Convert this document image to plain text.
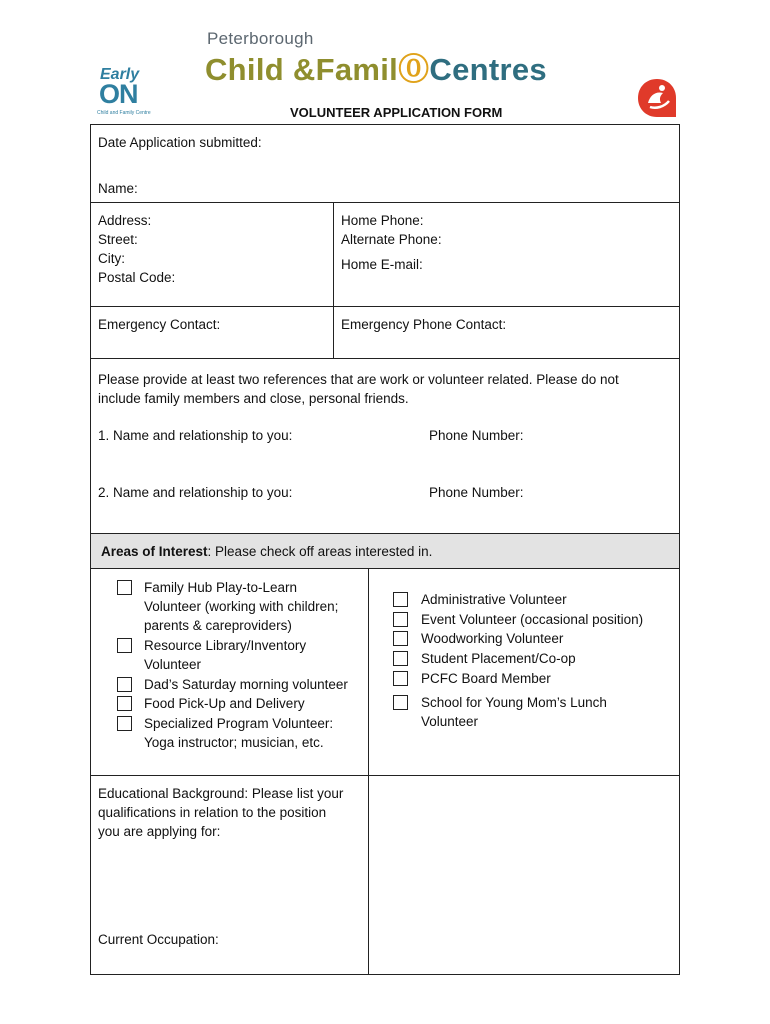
Early
ON
Child and Family Centre
Peterborough
Child &Famil🄋Centres
VOLUNTEER APPLICATION FORM
Date Application submitted:
Name:
Address:
Street:
City:
Postal Code:
Home Phone:
Alternate Phone:
Home E-mail:
Emergency Contact:	Emergency Phone Contact:
Please provide at least two references that are work or volunteer related. Please do not
include family members and close, personal friends.
1. Name and relationship to you:	Phone Number:
2. Name and relationship to you:	Phone Number:
Areas of Interest: Please check off areas interested in.
Family Hub Play-to-Learn
Volunteer (working with children;
parents & careproviders)
Resource Library/Inventory
Volunteer
Dad’s Saturday morning volunteer
Food Pick-Up and Delivery
Specialized Program Volunteer:
Yoga instructor; musician, etc.
Administrative Volunteer
Event Volunteer (occasional position)
Woodworking Volunteer
Student Placement/Co-op
PCFC Board Member
School for Young Mom’s Lunch
Volunteer
Educational Background: Please list your
qualifications in relation to the position
you are applying for:
Current Occupation:
